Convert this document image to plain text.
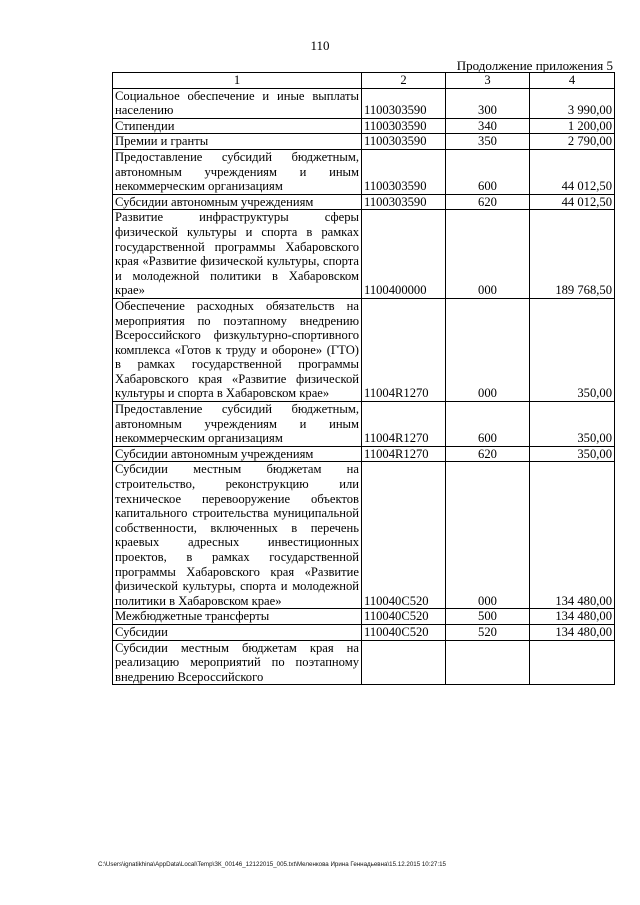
110
Продолжение приложения 5
1	2	3	4
Социальное обеспечение и иные выплаты населению	1100303590	300	3 990,00
Стипендии	1100303590	340	1 200,00
Премии и гранты	1100303590	350	2 790,00
Предоставление субсидий бюджетным, автономным учреждениям и иным некоммерческим организациям	1100303590	600	44 012,50
Субсидии автономным учреждениям	1100303590	620	44 012,50
Развитие инфраструктуры сферы физической культуры и спорта в рамках государственной программы Хабаровского края «Развитие физической культуры, спорта и молодежной политики в Хабаровском крае»	1100400000	000	189 768,50
Обеспечение расходных обязательств на мероприятия по поэтапному внедрению Всероссийского физкультурно-спортивного комплекса «Готов к труду и обороне» (ГТО) в рамках государственной программы Хабаровского края «Развитие физической культуры и спорта в Хабаровском крае»	11004R1270	000	350,00
Предоставление субсидий бюджетным, автономным учреждениям и иным некоммерческим организациям	11004R1270	600	350,00
Субсидии автономным учреждениям	11004R1270	620	350,00
Субсидии местным бюджетам на строительство, реконструкцию или техническое перевооружение объектов капитального строительства муниципальной собственности, включенных в перечень краевых адресных инвестиционных проектов, в рамках государственной программы Хабаровского края «Развитие физической культуры, спорта и молодежной политики в Хабаровском крае»	110040С520	000	134 480,00
Межбюджетные трансферты	110040С520	500	134 480,00
Субсидии	110040С520	520	134 480,00
Субсидии местным бюджетам края на реализацию мероприятий по поэтапному внедрению Всероссийского			
C:\Users\ignatikhina\AppData\Local\Temp\ЗК_00146_12122015_005.txt\Меленкова Ирина Геннадьевна\15.12.2015 10:27:15
